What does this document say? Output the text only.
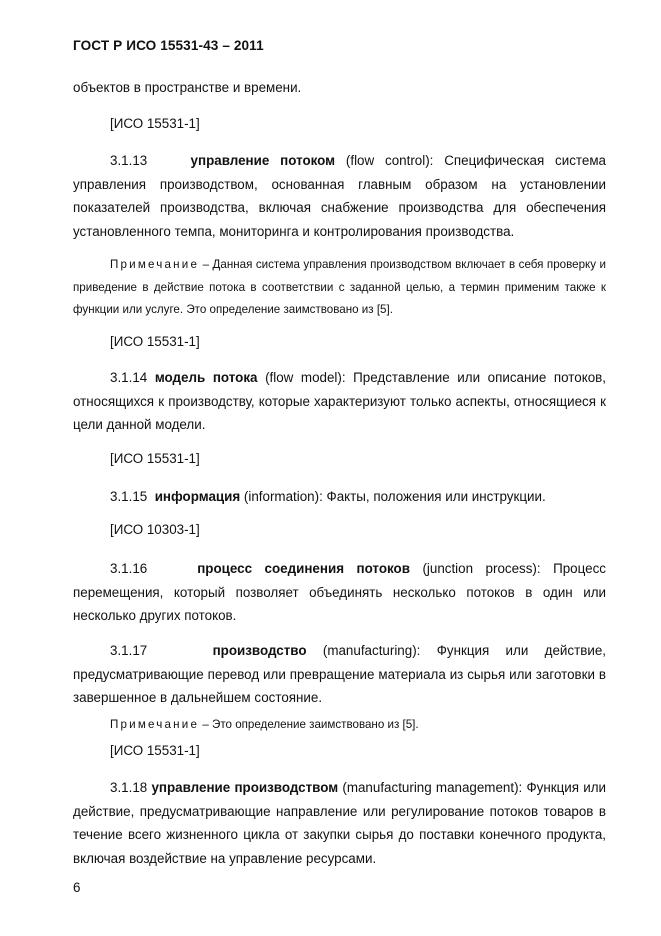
ГОСТ Р ИСО 15531-43 – 2011
объектов в пространстве и времени.
[ИСО 15531-1]
3.1.13	управление потоком (flow control): Специфическая система управления производством, основанная главным образом на установлении показателей производства, включая снабжение производства для обеспечения установленного темпа, мониторинга и контролирования производства.
Примечание – Данная система управления производством включает в себя проверку и приведение в действие потока в соответствии с заданной целью, а термин применим также к функции или услуге. Это определение заимствовано из [5].
[ИСО 15531-1]
3.1.14 модель потока (flow model): Представление или описание потоков, относящихся к производству, которые характеризуют только аспекты, относящиеся к цели данной модели.
[ИСО 15531-1]
3.1.15 информация (information): Факты, положения или инструкции.
[ИСО 10303-1]
3.1.16	процесс соединения потоков (junction process): Процесс перемещения, который позволяет объединять несколько потоков в один или несколько других потоков.
3.1.17	производство (manufacturing): Функция или действие, предусматривающие перевод или превращение материала из сырья или заготовки в завершенное в дальнейшем состояние.
Примечание – Это определение заимствовано из [5].
[ИСО 15531-1]
3.1.18 управление производством (manufacturing management): Функция или действие, предусматривающие направление или регулирование потоков товаров в течение всего жизненного цикла от закупки сырья до поставки конечного продукта, включая воздействие на управление ресурсами.
6
